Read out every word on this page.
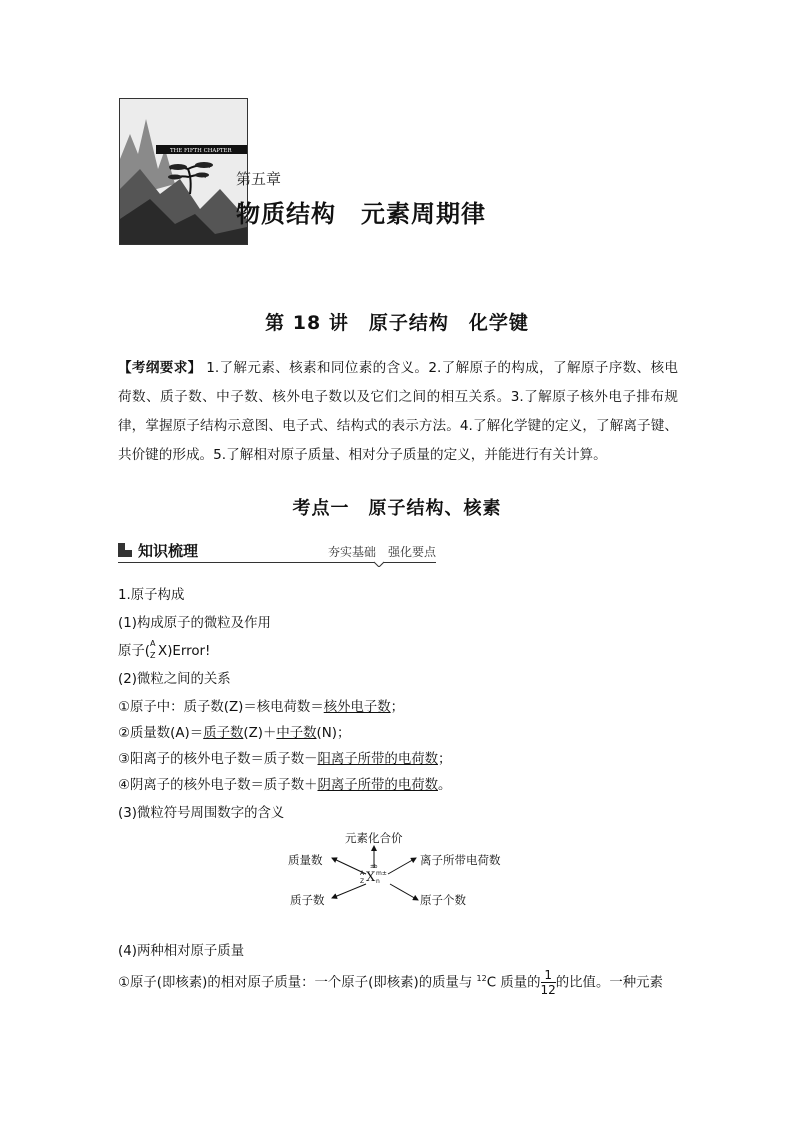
THE FIFTH CHAPTER
第五章
物质结构　元素周期律
第 18 讲　原子结构　化学键
【考纲要求】 1.了解元素、核素和同位素的含义。2.了解原子的构成，了解原子序数、核电荷数、质子数、中子数、核外电子数以及它们之间的相互关系。3.了解原子核外电子排布规律，掌握原子结构示意图、电子式、结构式的表示方法。4.了解化学键的定义，了解离子键、共价键的形成。5.了解相对原子质量、相对分子质量的定义，并能进行有关计算。
考点一　原子结构、核素
知识梳理	夯实基础　强化要点
1.原子构成
(1)构成原子的微粒及作用
原子(
A
Z X)Error!
(2)微粒之间的关系
①原子中：质子数(Z)＝核电荷数＝核外电子数；
②质量数(A)＝质子数(Z)＋中子数(N)；
③阳离子的核外电子数＝质子数－阳离子所带的电荷数；
④阴离子的核外电子数＝质子数＋阴离子所带的电荷数。
(3)微粒符号周围数字的含义
元素化合价
质量数	离子所带电荷数
质子数	原子个数
A
Z
±b
X m±
n
(4)两种相对原子质量
①原子(即核素)的相对原子质量：一个原子(即核素)的质量与 $^{12}$C 质量的 $\frac{1}{12}$ 的比值。一种元素
